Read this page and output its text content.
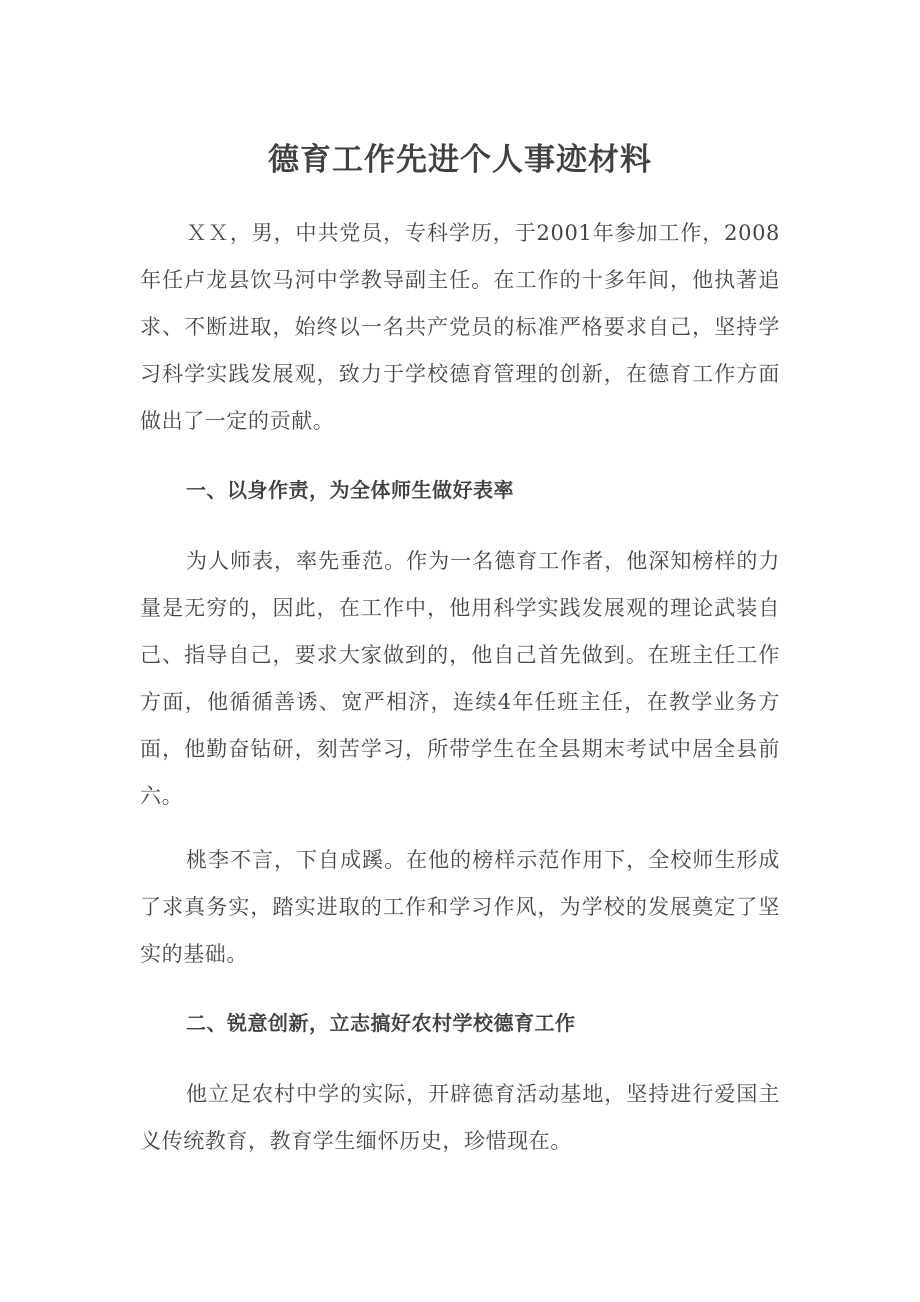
德育工作先进个人事迹材料

ＸＸ，男，中共党员，专科学历，于2001年参加工作，2008年任卢龙县饮马河中学教导副主任。在工作的十多年间，他执著追求、不断进取，始终以一名共产党员的标准严格要求自己，坚持学习科学实践发展观，致力于学校德育管理的创新，在德育工作方面做出了一定的贡献。

一、以身作责，为全体师生做好表率

为人师表，率先垂范。作为一名德育工作者，他深知榜样的力量是无穷的，因此，在工作中，他用科学实践发展观的理论武装自己、指导自己，要求大家做到的，他自己首先做到。在班主任工作方面，他循循善诱、宽严相济，连续4年任班主任，在教学业务方面，他勤奋钻研，刻苦学习，所带学生在全县期末考试中居全县前六。

桃李不言，下自成蹊。在他的榜样示范作用下，全校师生形成了求真务实，踏实进取的工作和学习作风，为学校的发展奠定了坚实的基础。

二、锐意创新，立志搞好农村学校德育工作

他立足农村中学的实际，开辟德育活动基地，坚持进行爱国主义传统教育，教育学生缅怀历史，珍惜现在。
